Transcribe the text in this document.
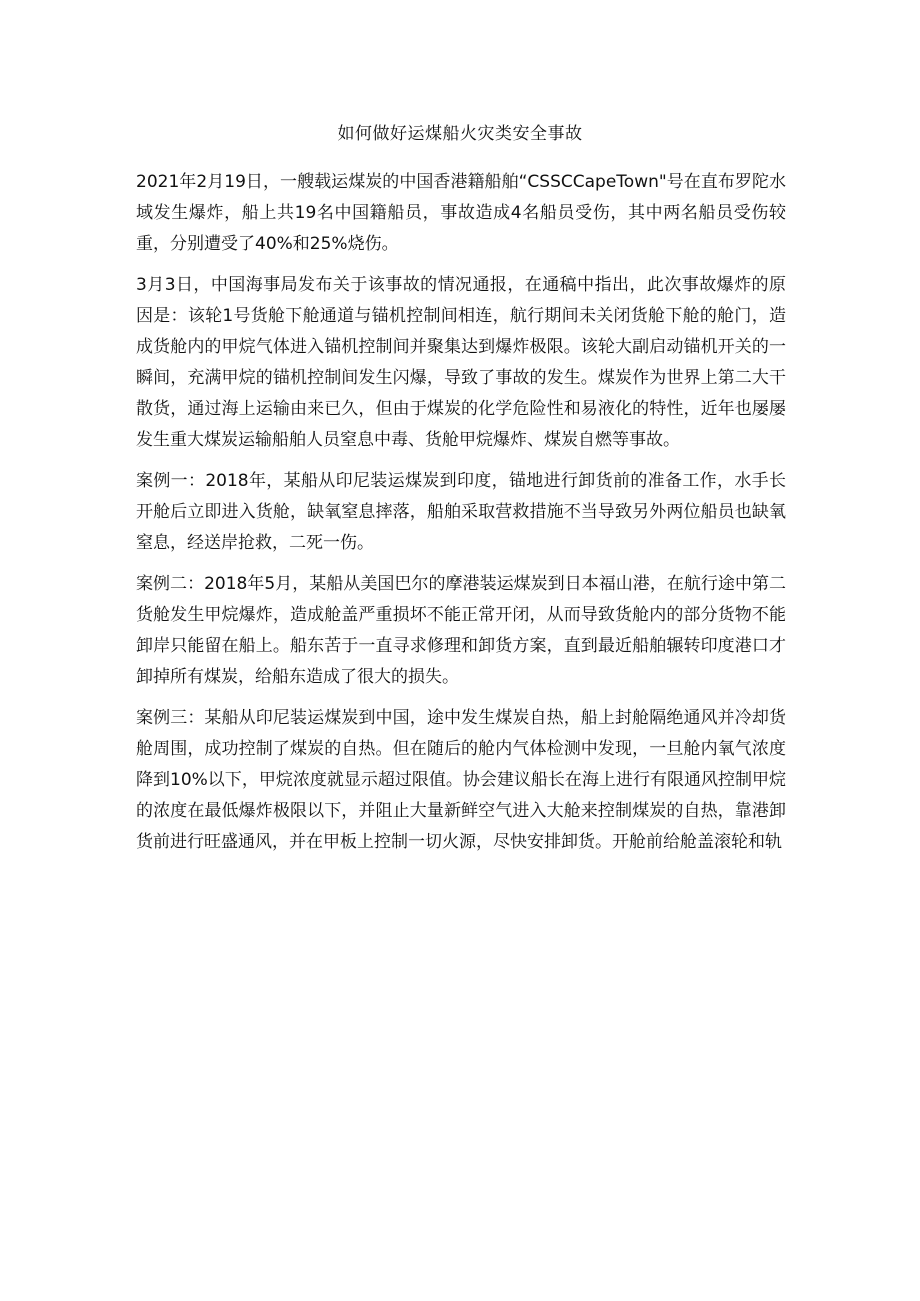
如何做好运煤船火灾类安全事故

2021年2月19日，一艘载运煤炭的中国香港籍船舶“CSSCCapeTown"号在直布罗陀水域发生爆炸，船上共19名中国籍船员，事故造成4名船员受伤，其中两名船员受伤较重，分别遭受了40%和25%烧伤。

3月3日，中国海事局发布关于该事故的情况通报，在通稿中指出，此次事故爆炸的原因是：该轮1号货舱下舱通道与锚机控制间相连，航行期间未关闭货舱下舱的舱门，造成货舱内的甲烷气体进入锚机控制间并聚集达到爆炸极限。该轮大副启动锚机开关的一瞬间，充满甲烷的锚机控制间发生闪爆，导致了事故的发生。煤炭作为世界上第二大干散货，通过海上运输由来已久，但由于煤炭的化学危险性和易液化的特性，近年也屡屡发生重大煤炭运输船舶人员窒息中毒、货舱甲烷爆炸、煤炭自燃等事故。

案例一：2018年，某船从印尼装运煤炭到印度，锚地进行卸货前的准备工作，水手长开舱后立即进入货舱，缺氧窒息摔落，船舶采取营救措施不当导致另外两位船员也缺氧窒息，经送岸抢救，二死一伤。

案例二：2018年5月，某船从美国巴尔的摩港装运煤炭到日本福山港，在航行途中第二货舱发生甲烷爆炸，造成舱盖严重损坏不能正常开闭，从而导致货舱内的部分货物不能卸岸只能留在船上。船东苦于一直寻求修理和卸货方案，直到最近船舶辗转印度港口才卸掉所有煤炭，给船东造成了很大的损失。

案例三：某船从印尼装运煤炭到中国，途中发生煤炭自热，船上封舱隔绝通风并冷却货舱周围，成功控制了煤炭的自热。但在随后的舱内气体检测中发现，一旦舱内氧气浓度降到10%以下，甲烷浓度就显示超过限值。协会建议船长在海上进行有限通风控制甲烷的浓度在最低爆炸极限以下，并阻止大量新鲜空气进入大舱来控制煤炭的自热，靠港卸货前进行旺盛通风，并在甲板上控制一切火源，尽快安排卸货。开舱前给舱盖滚轮和轨
